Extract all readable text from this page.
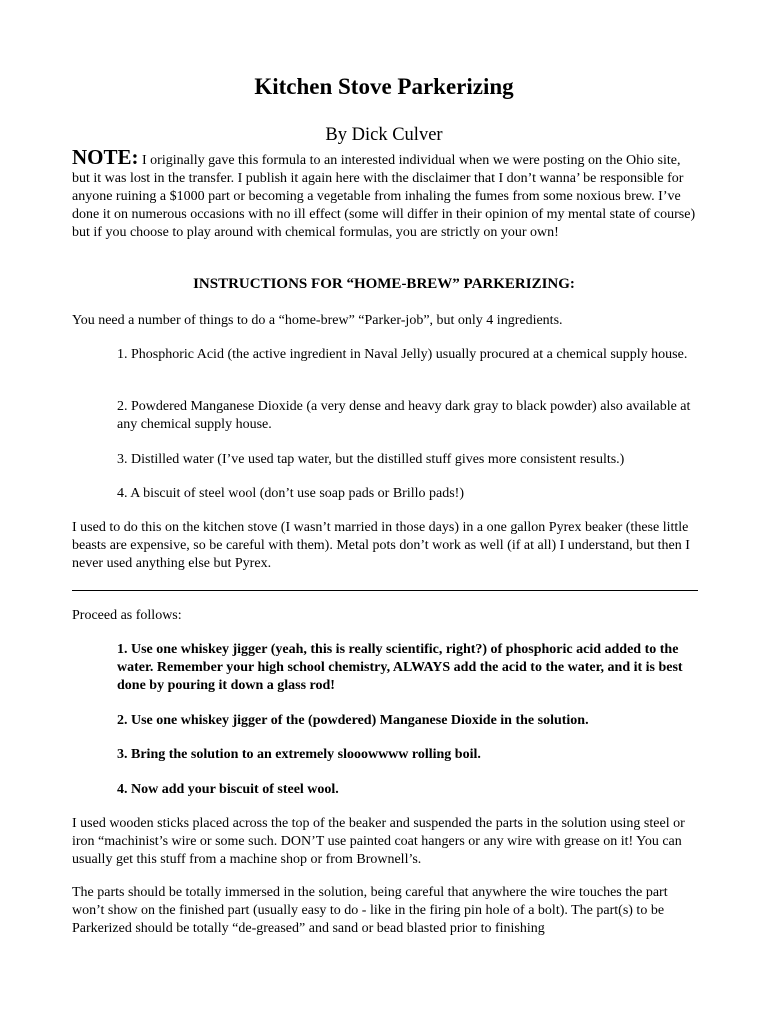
Kitchen Stove Parkerizing
By Dick Culver
NOTE: I originally gave this formula to an interested individual when we were posting on the Ohio site, but it was lost in the transfer. I publish it again here with the disclaimer that I don’t wanna’ be responsible for anyone ruining a $1000 part or becoming a vegetable from inhaling the fumes from some noxious brew. I’ve done it on numerous occasions with no ill effect (some will differ in their opinion of my mental state of course) but if you choose to play around with chemical formulas, you are strictly on your own!
INSTRUCTIONS FOR “HOME-BREW” PARKERIZING:
You need a number of things to do a “home-brew” “Parker-job”, but only 4 ingredients.
1. Phosphoric Acid (the active ingredient in Naval Jelly) usually procured at a chemical supply house.
2. Powdered Manganese Dioxide (a very dense and heavy dark gray to black powder) also available at any chemical supply house.
3. Distilled water (I’ve used tap water, but the distilled stuff gives more consistent results.)
4. A biscuit of steel wool (don’t use soap pads or Brillo pads!)
I used to do this on the kitchen stove (I wasn’t married in those days) in a one gallon Pyrex beaker (these little beasts are expensive, so be careful with them). Metal pots don’t work as well (if at all) I understand, but then I never used anything else but Pyrex.
Proceed as follows:
1. Use one whiskey jigger (yeah, this is really scientific, right?) of phosphoric acid added to the water. Remember your high school chemistry, ALWAYS add the acid to the water, and it is best done by pouring it down a glass rod!
2. Use one whiskey jigger of the (powdered) Manganese Dioxide in the solution.
3. Bring the solution to an extremely slooowwww rolling boil.
4. Now add your biscuit of steel wool.
I used wooden sticks placed across the top of the beaker and suspended the parts in the solution using steel or iron “machinist’s wire or some such. DON’T use painted coat hangers or any wire with grease on it! You can usually get this stuff from a machine shop or from Brownell’s.
The parts should be totally immersed in the solution, being careful that anywhere the wire touches the part won’t show on the finished part (usually easy to do - like in the firing pin hole of a bolt). The part(s) to be Parkerized should be totally “de-greased” and sand or bead blasted prior to finishing
